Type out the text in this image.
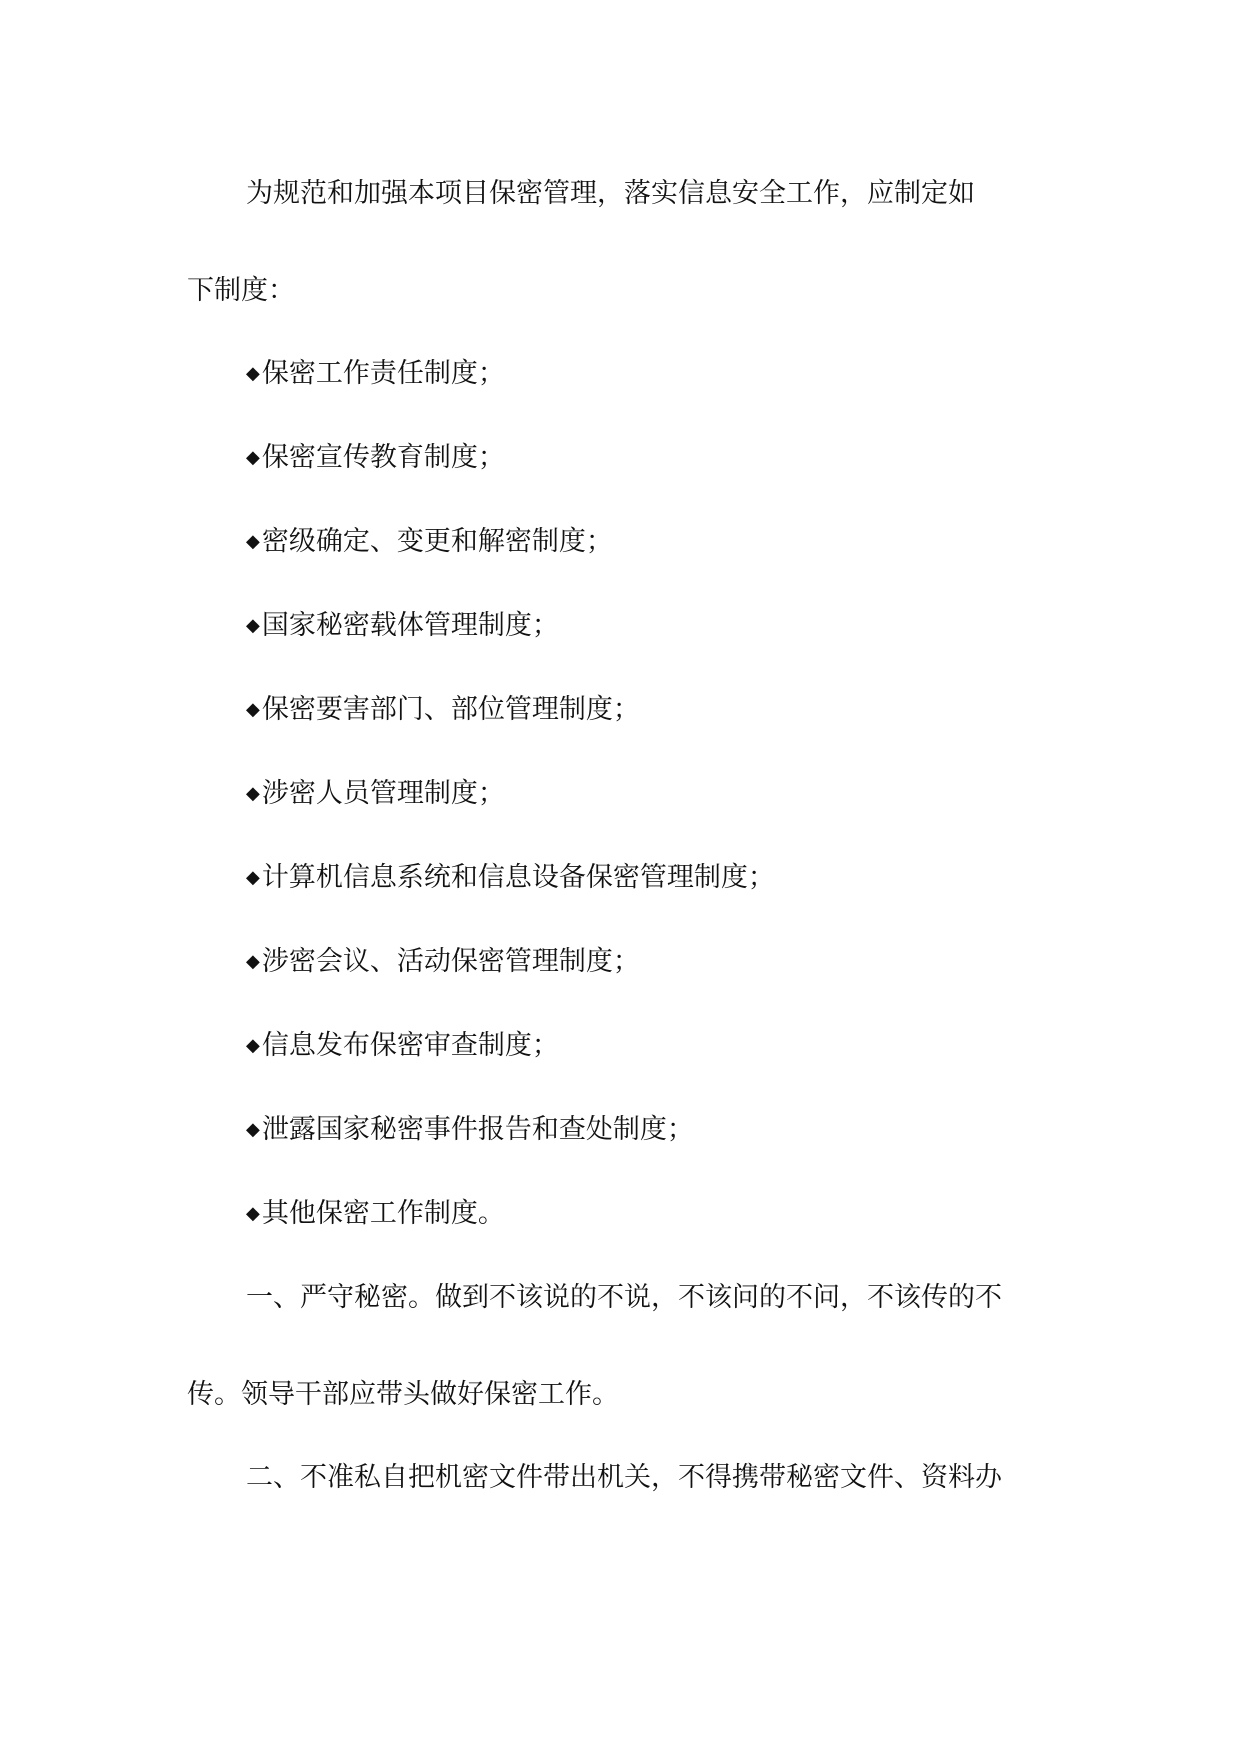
为规范和加强本项目保密管理，落实信息安全工作，应制定如

下制度：

◆保密工作责任制度；

◆保密宣传教育制度；

◆密级确定、变更和解密制度；

◆国家秘密载体管理制度；

◆保密要害部门、部位管理制度；

◆涉密人员管理制度；

◆计算机信息系统和信息设备保密管理制度；

◆涉密会议、活动保密管理制度；

◆信息发布保密审查制度；

◆泄露国家秘密事件报告和查处制度；

◆其他保密工作制度。

一、严守秘密。做到不该说的不说，不该问的不问，不该传的不

传。领导干部应带头做好保密工作。

二、不准私自把机密文件带出机关，不得携带秘密文件、资料办
